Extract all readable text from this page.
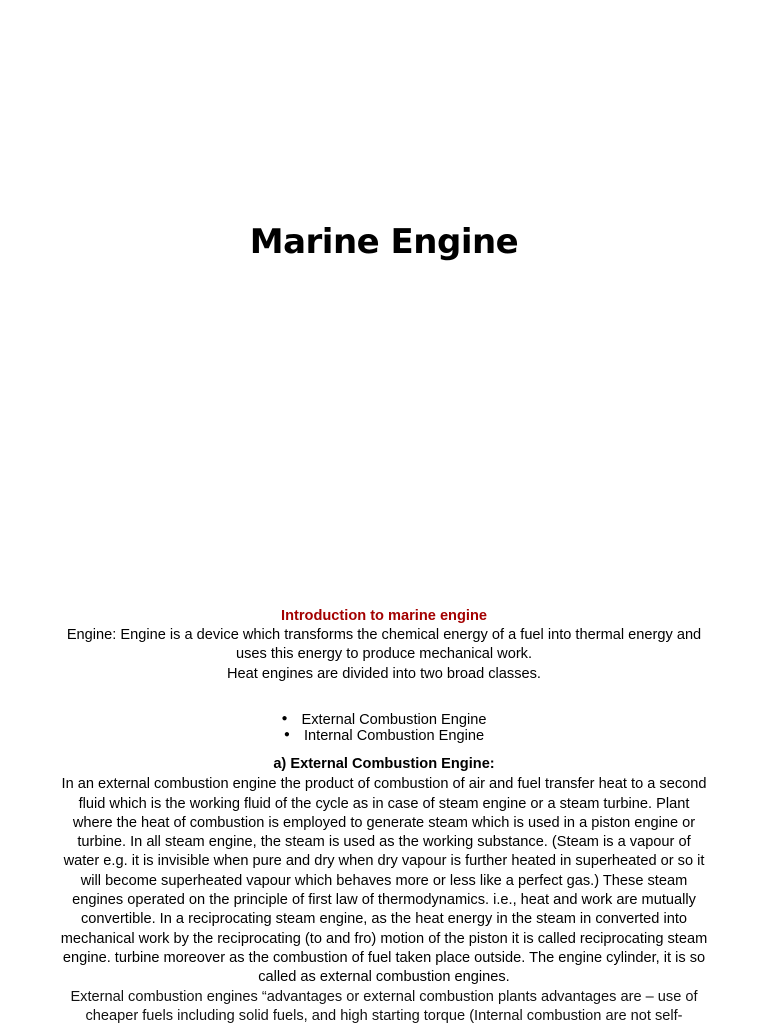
Marine Engine

Introduction to marine engine

Engine: Engine is a device which transforms the chemical energy of a fuel into thermal energy and uses this energy to produce mechanical work.

Heat engines are divided into two broad classes.

● External Combustion Engine
● Internal Combustion Engine

a) External Combustion Engine:

In an external combustion engine the product of combustion of air and fuel transfer heat to a second fluid which is the working fluid of the cycle as in case of steam engine or a steam turbine. Plant where the heat of combustion is employed to generate steam which is used in a piston engine or turbine. In all steam engine, the steam is used as the working substance. (Steam is a vapour of water e.g. it is invisible when pure and dry when dry vapour is further heated in superheated or so it will become superheated vapour which behaves more or less like a perfect gas.) These steam engines operated on the principle of first law of thermodynamics. i.e., heat and work are mutually convertible. In a reciprocating steam engine, as the heat energy in the steam in converted into mechanical work by the reciprocating (to and fro) motion of the piston it is called reciprocating steam engine. turbine moreover as the combustion of fuel taken place outside. The engine cylinder, it is so called as external combustion engines.

External combustion engines “advantages or external combustion plants advantages are – use of cheaper fuels including solid fuels, and high starting torque (Internal combustion are not self-
